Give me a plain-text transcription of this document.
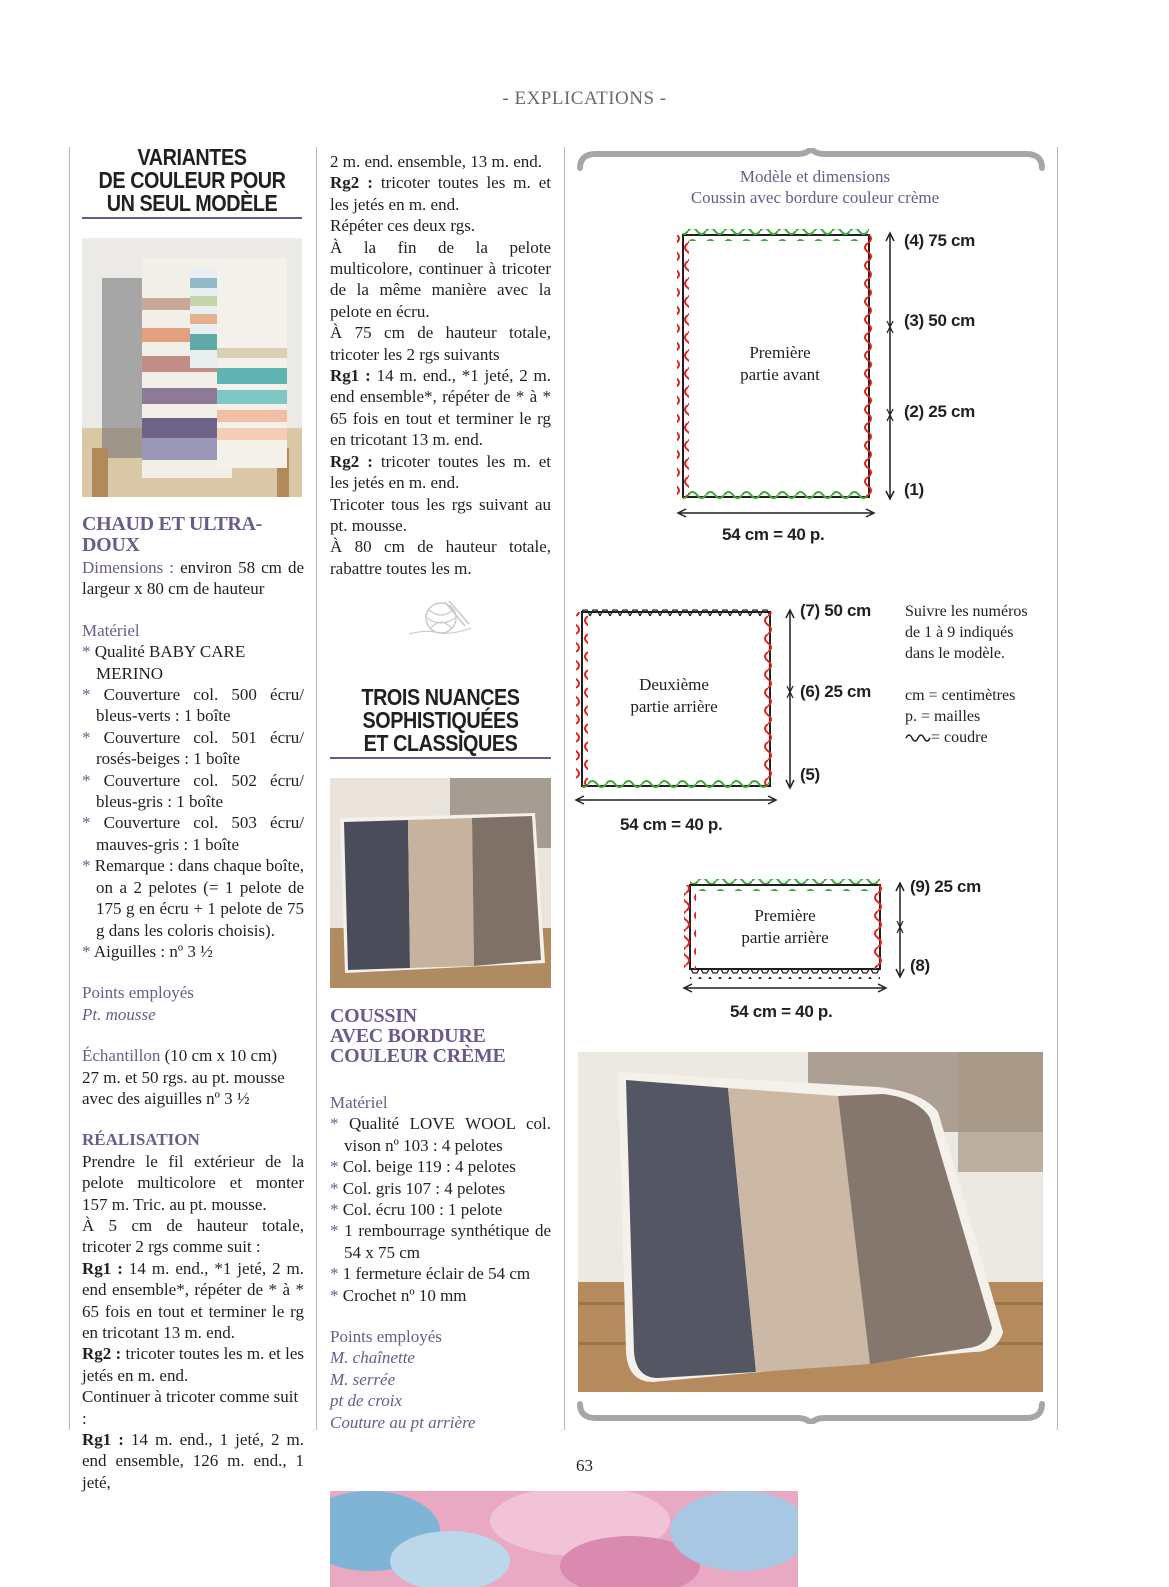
- EXPLICATIONS -
VARIANTES
DE COULEUR POUR
UN SEUL MODÈLE
CHAUD ET ULTRA-DOUX

Dimensions : environ 58 cm de largeur x 80 cm de hauteur

Matériel

* Qualité BABY CARE MERINO

* Couverture col. 500 écru/ bleus-verts : 1 boîte

* Couverture col. 501 écru/ rosés-beiges : 1 boîte

* Couverture col. 502 écru/ bleus-gris : 1 boîte

* Couverture col. 503 écru/ mauves-gris : 1 boîte

* Remarque : dans chaque boîte, on a 2 pelotes (= 1 pelote de 175 g en écru + 1 pelote de 75 g dans les coloris choisis).

* Aiguilles : nº 3 ½

Points employés

Pt. mousse

Échantillon (10 cm x 10 cm)

27 m. et 50 rgs. au pt. mousse avec des aiguilles nº 3 ½

RÉALISATION

Prendre le fil extérieur de la pelote multicolore et monter 157 m. Tric. au pt. mousse.

À 5 cm de hauteur totale, tricoter 2 rgs comme suit :

Rg1 : 14 m. end., *1 jeté, 2 m. end ensemble*, répéter de * à * 65 fois en tout et terminer le rg en tricotant 13 m. end.

Rg2 : tricoter toutes les m. et les jetés en m. end.

Continuer à tricoter comme suit :

Rg1 : 14 m. end., 1 jeté, 2 m. end ensemble, 126 m. end., 1 jeté,

2 m. end. ensemble, 13 m. end.

Rg2 : tricoter toutes les m. et les jetés en m. end.

Répéter ces deux rgs.

À la fin de la pelote multicolore, continuer à tricoter de la même manière avec la pelote en écru.

À 75 cm de hauteur totale, tricoter les 2 rgs suivants

Rg1 : 14 m. end., *1 jeté, 2 m. end ensemble*, répéter de * à * 65 fois en tout et terminer le rg en tricotant 13 m. end.

Rg2 : tricoter toutes les m. et les jetés en m. end.

Tricoter tous les rgs suivant au pt. mousse.

À 80 cm de hauteur totale, rabattre toutes les m.

TROIS NUANCES
SOPHISTIQUÉES
ET CLASSIQUES
COUSSIN
AVEC BORDURE
COULEUR CRÈME

Matériel

* Qualité LOVE WOOL col. vison nº 103 : 4 pelotes

* Col. beige 119 : 4 pelotes

* Col. gris 107 : 4 pelotes

* Col. écru 100 : 1 pelote

* 1 rembourrage synthétique de 54 x 75 cm

* 1 fermeture éclair de 54 cm

* Crochet nº 10 mm

Points employés

M. chaînette

M. serrée

pt de croix

Couture au pt arrière

Modèle et dimensions
Coussin avec bordure couleur crème
Première
partie avant
(4) 75 cm
(3) 50 cm
(2) 25 cm
(1)
54 cm = 40 p.
Deuxième
partie arrière
(7) 50 cm
(6) 25 cm
(5)
54 cm = 40 p.
Suivre les numéros
de 1 à 9 indiqués
dans le modèle.
cm = centimètres
p. = mailles
= coudre
Première
partie arrière
(9) 25 cm
(8)
54 cm = 40 p.
63
